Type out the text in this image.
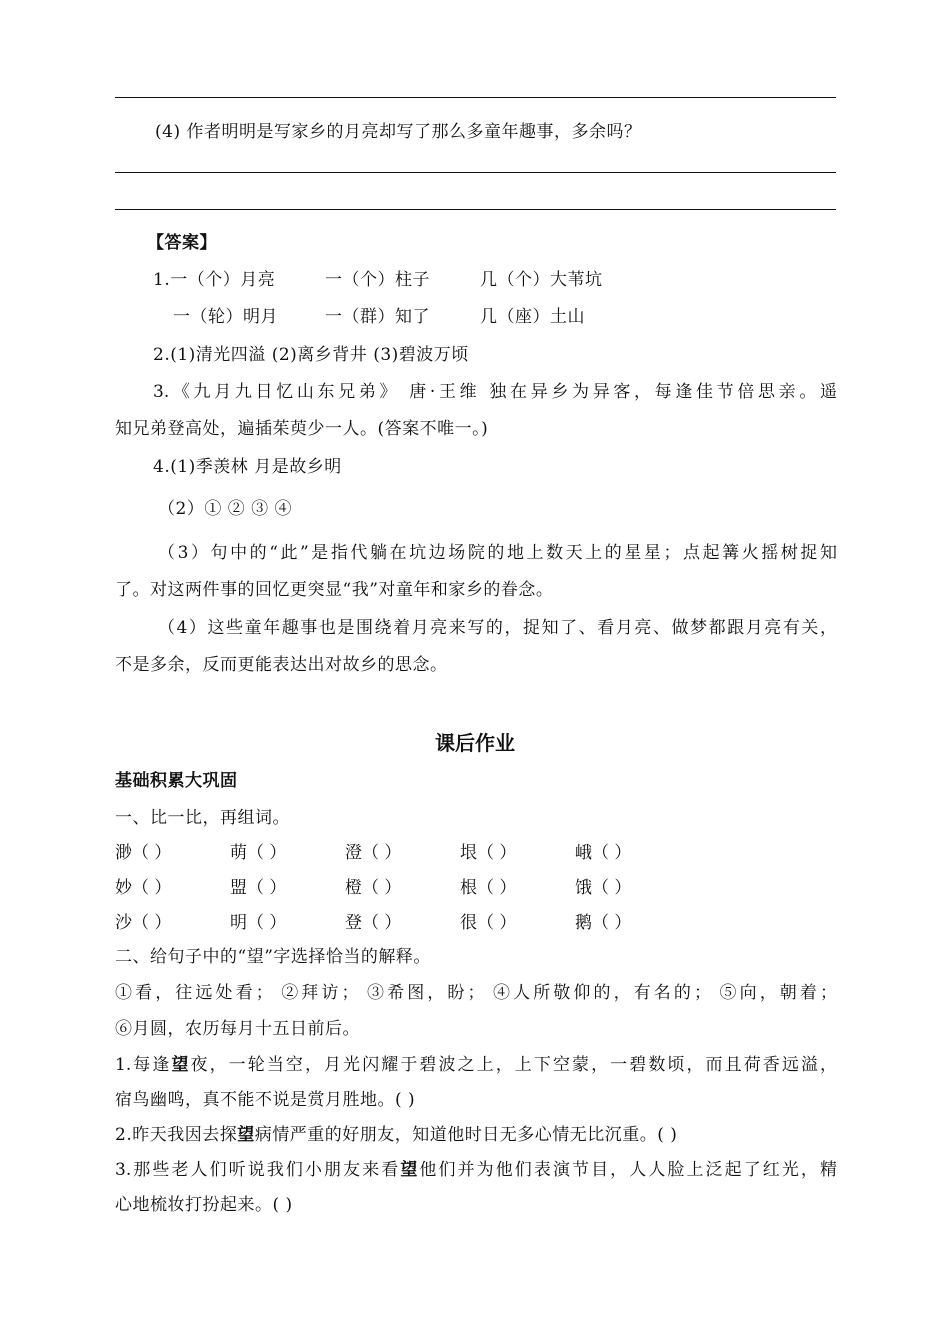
(4) 作者明明是写家乡的月亮却写了那么多童年趣事，多余吗？
【答案】
1.一（个）月亮	一（个）柱子	几（个）大苇坑
一（轮）明月	一（群）知了	几（座）土山
2.(1)清光四溢 (2)离乡背井 (3)碧波万顷
3.《九月九日忆山东兄弟》 唐·王维 独在异乡为异客，每逢佳节倍思亲。遥
知兄弟登高处，遍插茱萸少一人。(答案不唯一。)
4.(1)季羡林 月是故乡明
（2）① ② ③ ④
（3）句中的“此”是指代躺在坑边场院的地上数天上的星星；点起篝火摇树捉知
了。对这两件事的回忆更突显“我”对童年和家乡的眷念。
（4）这些童年趣事也是围绕着月亮来写的，捉知了、看月亮、做梦都跟月亮有关，
不是多余，反而更能表达出对故乡的思念。
课后作业
基础积累大巩固
一、比一比，再组词。
渺（ ）	萌（ ）	澄（ ）	垠（ ）	峨（ ）
妙（ ）	盟（ ）	橙（ ）	根（ ）	饿（ ）
沙（ ）	明（ ）	登（ ）	很（ ）	鹅（ ）
二、给句子中的“望”字选择恰当的解释。
①看，往远处看； ②拜访； ③希图，盼； ④人所敬仰的，有名的； ⑤向，朝着；
⑥月圆，农历每月十五日前后。
1.每逢望夜，一轮当空，月光闪耀于碧波之上，上下空蒙，一碧数顷，而且荷香远溢，
宿鸟幽鸣，真不能不说是赏月胜地。( )
2.昨天我因去探望病情严重的好朋友，知道他时日无多心情无比沉重。( )
3.那些老人们听说我们小朋友来看望他们并为他们表演节目，人人脸上泛起了红光，精
心地梳妆打扮起来。( )
